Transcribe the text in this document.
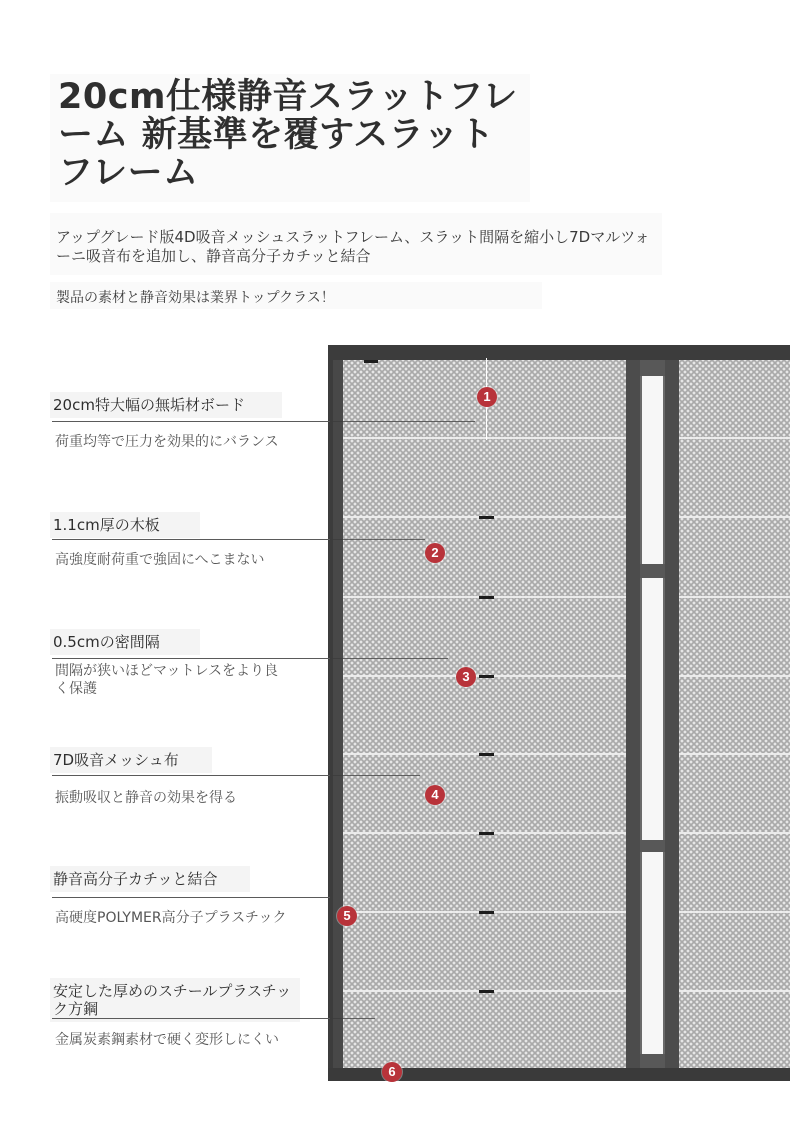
20cm仕様静音スラットフレーム 新基準を覆すスラットフレーム

アップグレード版4D吸音メッシュスラットフレーム、スラット間隔を縮小し7Dマルツォーニ吸音布を追加し、静音高分子カチッと結合

製品の素材と静音効果は業界トップクラス！

1
2
3
4
5
6

20cm特大幅の無垢材ボード

荷重均等で圧力を効果的にバランス

1.1cm厚の木板

高強度耐荷重で強固にへこまない

0.5cmの密間隔

間隔が狭いほどマットレスをより良く保護

7D吸音メッシュ布

振動吸収と静音の効果を得る

静音高分子カチッと結合

高硬度POLYMER高分子プラスチック

安定した厚めのスチールプラスチック方鋼

金属炭素鋼素材で硬く変形しにくい
